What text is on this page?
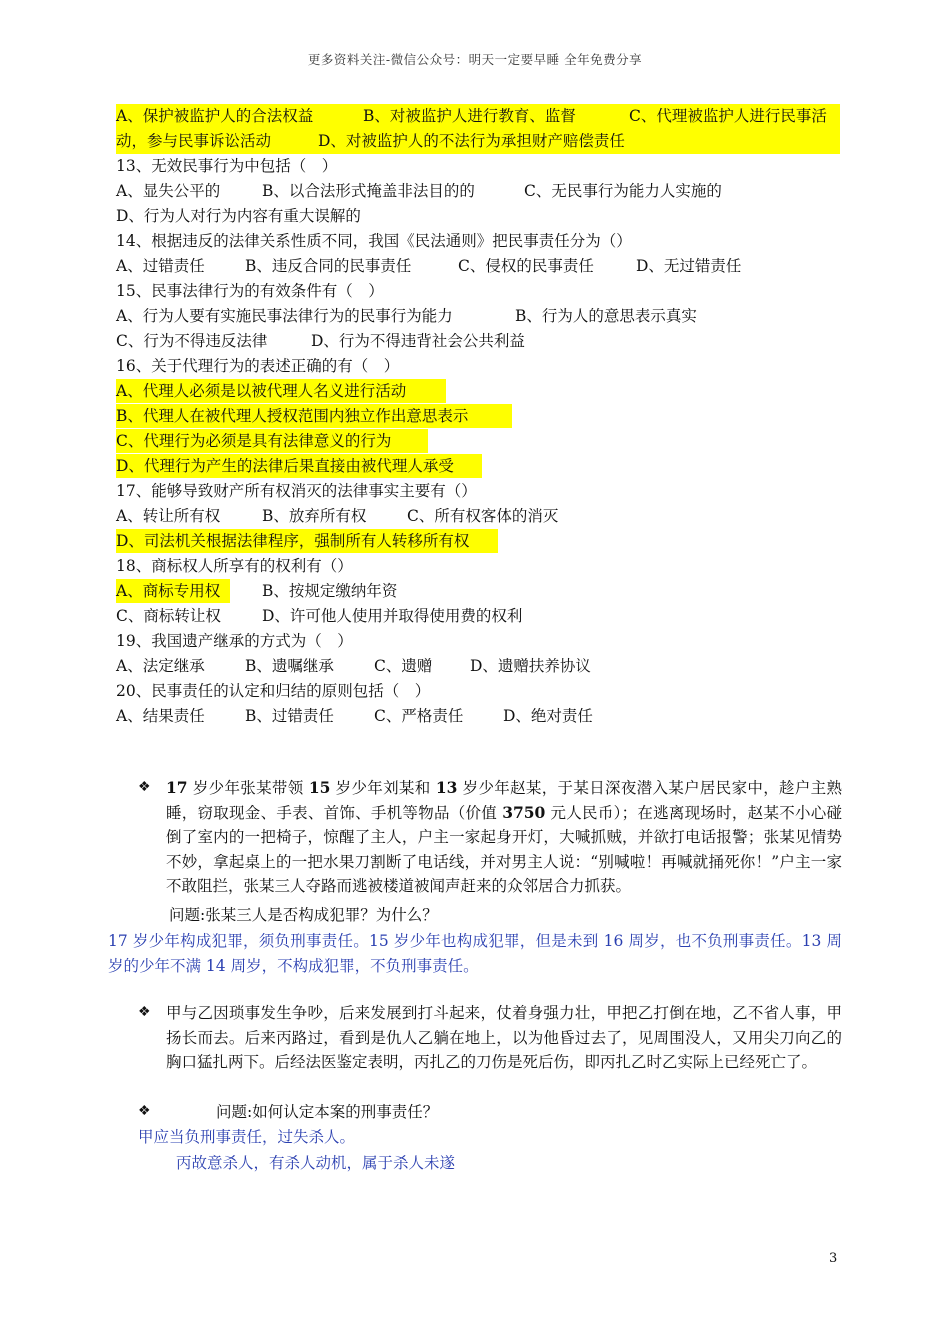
更多资料关注-微信公众号：明天一定要早睡 全年免费分享
A、保护被监护人的合法权益	B、对被监护人进行教育、监督	C、代理被监护人进行民事活
动，参与民事诉讼活动	D、对被监护人的不法行为承担财产赔偿责任
13、无效民事行为中包括（　）
A、显失公平的	B、以合法形式掩盖非法目的的	C、无民事行为能力人实施的
D、行为人对行为内容有重大误解的
14、根据违反的法律关系性质不同，我国《民法通则》把民事责任分为（）
A、过错责任	B、违反合同的民事责任	C、侵权的民事责任	D、无过错责任
15、民事法律行为的有效条件有（　）
A、行为人要有实施民事法律行为的民事行为能力	B、行为人的意思表示真实
C、行为不得违反法律	D、行为不得违背社会公共利益
16、关于代理行为的表述正确的有（　）
A、代理人必须是以被代理人名义进行活动
B、代理人在被代理人授权范围内独立作出意思表示
C、代理行为必须是具有法律意义的行为
D、代理行为产生的法律后果直接由被代理人承受
17、能够导致财产所有权消灭的法律事实主要有（）
A、转让所有权	B、放弃所有权	C、所有权客体的消灭
D、司法机关根据法律程序，强制所有人转移所有权
18、商标权人所享有的权利有（）
A、商标专用权	B、按规定缴纳年资
C、商标转让权	D、许可他人使用并取得使用费的权利
19、我国遗产继承的方式为（　）
A、法定继承	B、遗嘱继承	C、遗赠 D、遗赠扶养协议
20、民事责任的认定和归结的原则包括（　）
A、结果责任	B、过错责任	C、严格责任	D、绝对责任
❖ 17 岁少年张某带领 15 岁少年刘某和 13 岁少年赵某，于某日深夜潜入某户居民家中，趁户主熟睡，窃取现金、手表、首饰、手机等物品（价值 3750 元人民币）；在逃离现场时，赵某不小心碰倒了室内的一把椅子，惊醒了主人，户主一家起身开灯，大喊抓贼，并欲打电话报警；张某见情势不妙，拿起桌上的一把水果刀割断了电话线，并对男主人说：“别喊啦！再喊就捅死你！”户主一家不敢阻拦，张某三人夺路而逃被楼道被闻声赶来的众邻居合力抓获。
问题:张某三人是否构成犯罪？为什么？
17 岁少年构成犯罪，须负刑事责任。15 岁少年也构成犯罪，但是未到 16 周岁，也不负刑事责任。13 周岁的少年不满 14 周岁，不构成犯罪，不负刑事责任。
❖ 甲与乙因琐事发生争吵，后来发展到打斗起来，仗着身强力壮，甲把乙打倒在地，乙不省人事，甲扬长而去。后来丙路过，看到是仇人乙躺在地上，以为他昏过去了，见周围没人，又用尖刀向乙的胸口猛扎两下。后经法医鉴定表明，丙扎乙的刀伤是死后伤，即丙扎乙时乙实际上已经死亡了。
❖	问题:如何认定本案的刑事责任？
甲应当负刑事责任，过失杀人。
丙故意杀人，有杀人动机，属于杀人未遂
3
